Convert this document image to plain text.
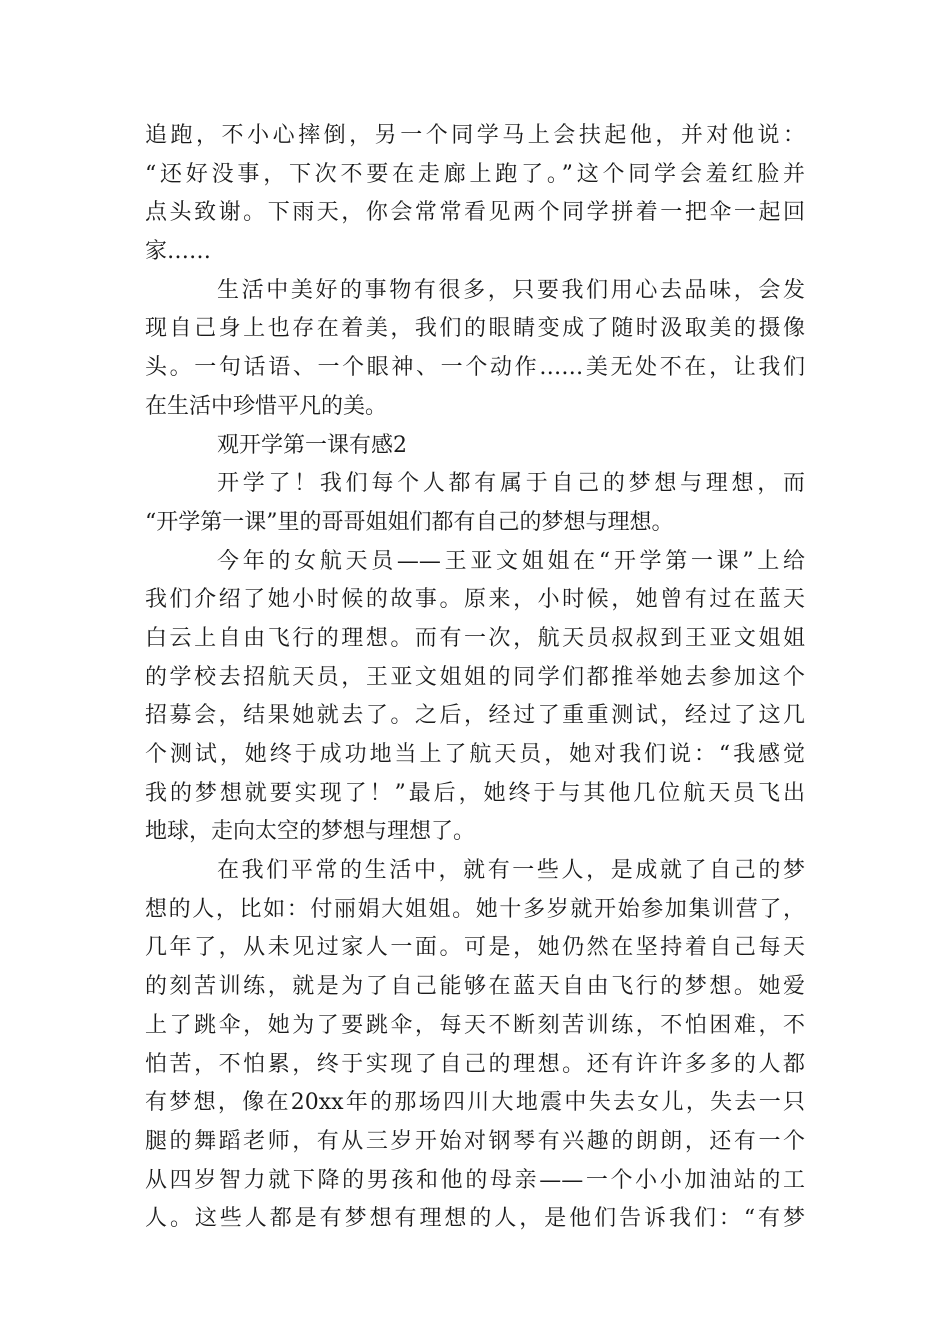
追跑，不小心摔倒，另一个同学马上会扶起他，并对他说：
“还好没事，下次不要在走廊上跑了。”这个同学会羞红脸并
点头致谢。下雨天，你会常常看见两个同学拼着一把伞一起回
家……
生活中美好的事物有很多，只要我们用心去品味，会发
现自己身上也存在着美，我们的眼睛变成了随时汲取美的摄像
头。一句话语、一个眼神、一个动作……美无处不在，让我们
在生活中珍惜平凡的美。
观开学第一课有感2
开学了！我们每个人都有属于自己的梦想与理想，而
“开学第一课”里的哥哥姐姐们都有自己的梦想与理想。
今年的女航天员——王亚文姐姐在“开学第一课”上给
我们介绍了她小时候的故事。原来，小时候，她曾有过在蓝天
白云上自由飞行的理想。而有一次，航天员叔叔到王亚文姐姐
的学校去招航天员，王亚文姐姐的同学们都推举她去参加这个
招募会，结果她就去了。之后，经过了重重测试，经过了这几
个测试，她终于成功地当上了航天员，她对我们说：“我感觉
我的梦想就要实现了！”最后，她终于与其他几位航天员飞出
地球，走向太空的梦想与理想了。
在我们平常的生活中，就有一些人，是成就了自己的梦
想的人，比如：付丽娟大姐姐。她十多岁就开始参加集训营了，
几年了，从未见过家人一面。可是，她仍然在坚持着自己每天
的刻苦训练，就是为了自己能够在蓝天自由飞行的梦想。她爱
上了跳伞，她为了要跳伞，每天不断刻苦训练，不怕困难，不
怕苦，不怕累，终于实现了自己的理想。还有许许多多的人都
有梦想，像在20xx年的那场四川大地震中失去女儿，失去一只
腿的舞蹈老师，有从三岁开始对钢琴有兴趣的朗朗，还有一个
从四岁智力就下降的男孩和他的母亲——一个小小加油站的工
人。这些人都是有梦想有理想的人，是他们告诉我们：“有梦
